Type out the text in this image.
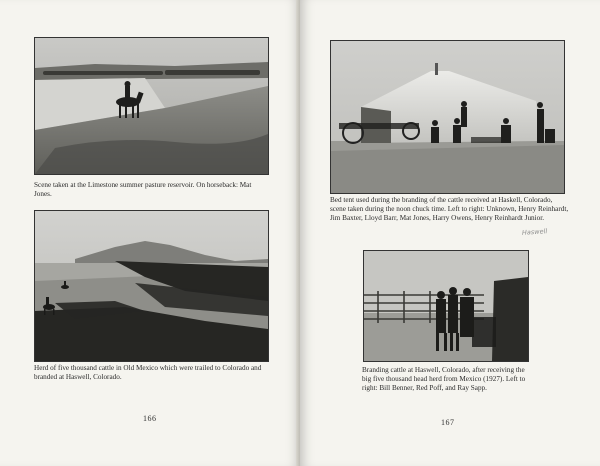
Scene taken at the Limestone summer pasture reservoir. On horseback: Mat Jones.

Herd of five thousand cattle in Old Mexico which were trailed to Colorado and branded at Haswell, Colorado.

166
Haswell

Bed tent used during the branding of the cattle received at Haskell, Colorado, scene taken during the noon chuck time. Left to right: Unknown, Henry Reinhardt, Jim Baxter, Lloyd Barr, Mat Jones, Harry Owens, Henry Reinhardt Junior.

Branding cattle at Haswell, Colorado, after receiving the big five thousand head herd from Mexico (1927). Left to right: Bill Benner, Red Poff, and Ray Sapp.

167
